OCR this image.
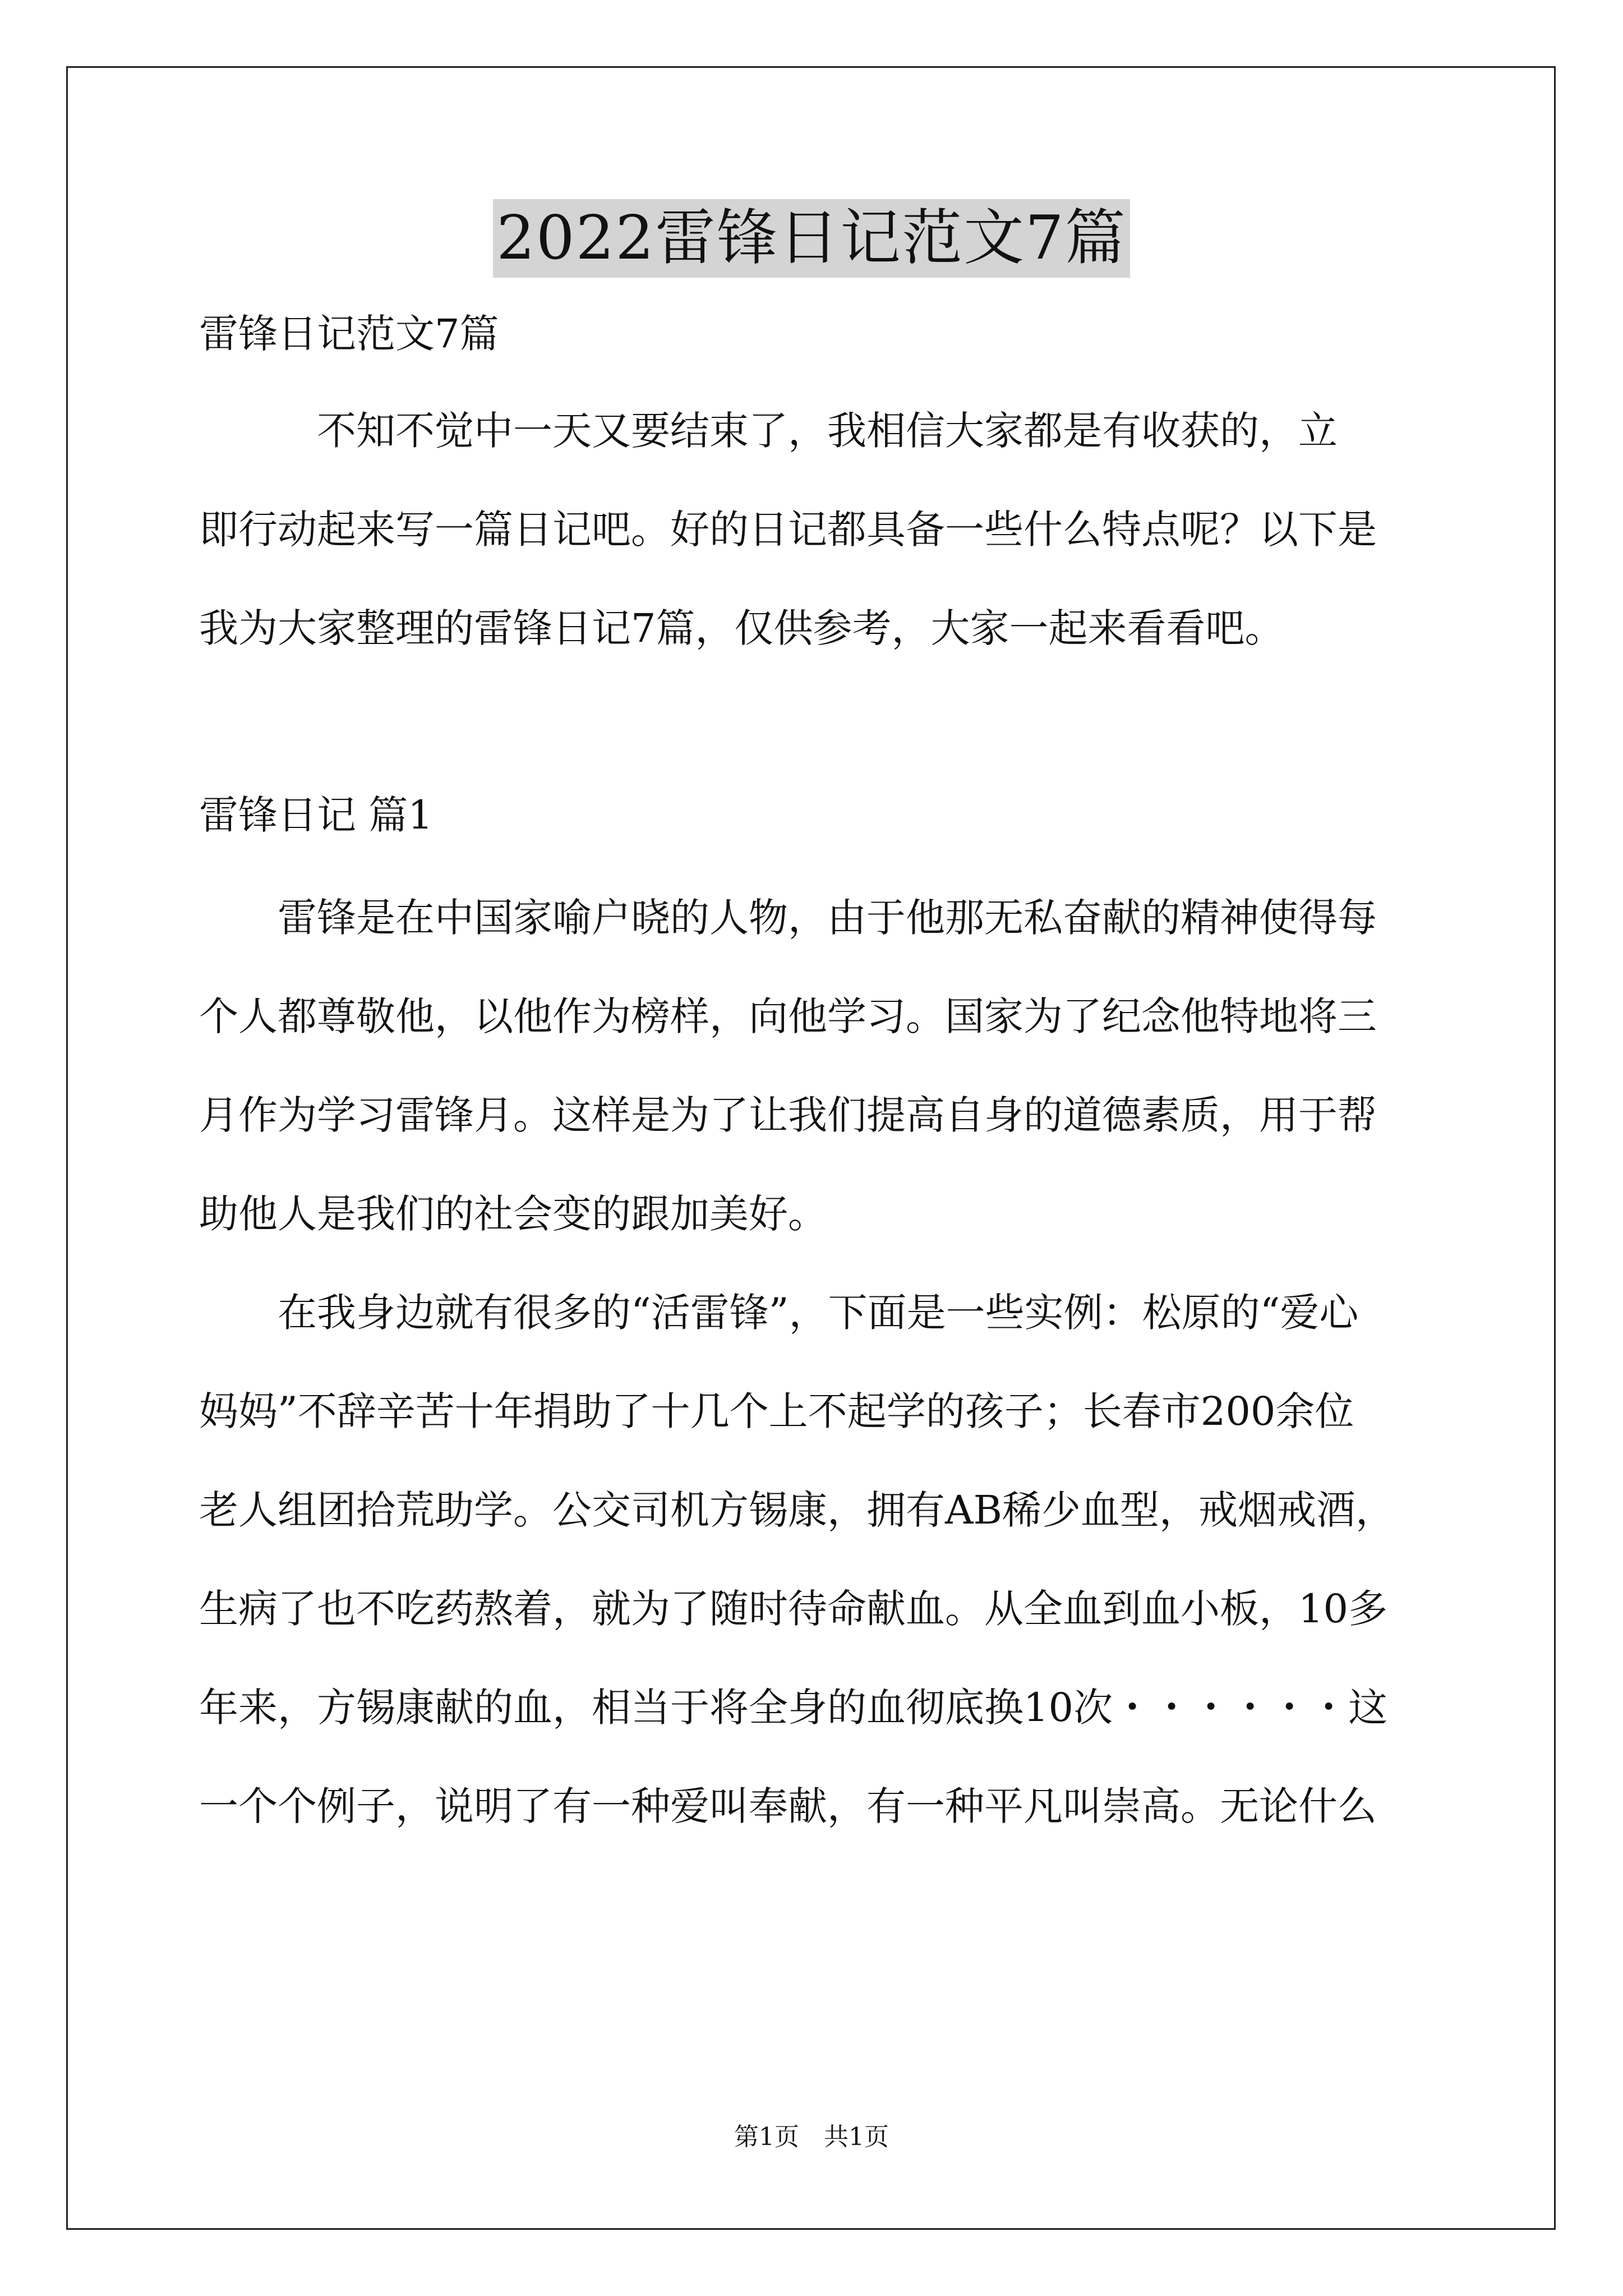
2022雷锋日记范文7篇

雷锋日记范文7篇

　　　不知不觉中一天又要结束了，我相信大家都是有收获的，立
即行动起来写一篇日记吧。好的日记都具备一些什么特点呢？以下是
我为大家整理的雷锋日记7篇，仅供参考，大家一起来看看吧。

雷锋日记 篇1

　　雷锋是在中国家喻户晓的人物，由于他那无私奋献的精神使得每
个人都尊敬他，以他作为榜样，向他学习。国家为了纪念他特地将三
月作为学习雷锋月。这样是为了让我们提高自身的道德素质，用于帮
助他人是我们的社会变的跟加美好。

　　在我身边就有很多的“活雷锋”，下面是一些实例：松原的“爱心
妈妈”不辞辛苦十年捐助了十几个上不起学的孩子；长春市200余位
老人组团拾荒助学。公交司机方锡康，拥有AB稀少血型，戒烟戒酒，
生病了也不吃药熬着，就为了随时待命献血。从全血到血小板，10多
年来，方锡康献的血，相当于将全身的血彻底换10次・・・・・・这
一个个例子，说明了有一种爱叫奉献，有一种平凡叫崇高。无论什么

第1页　共1页
